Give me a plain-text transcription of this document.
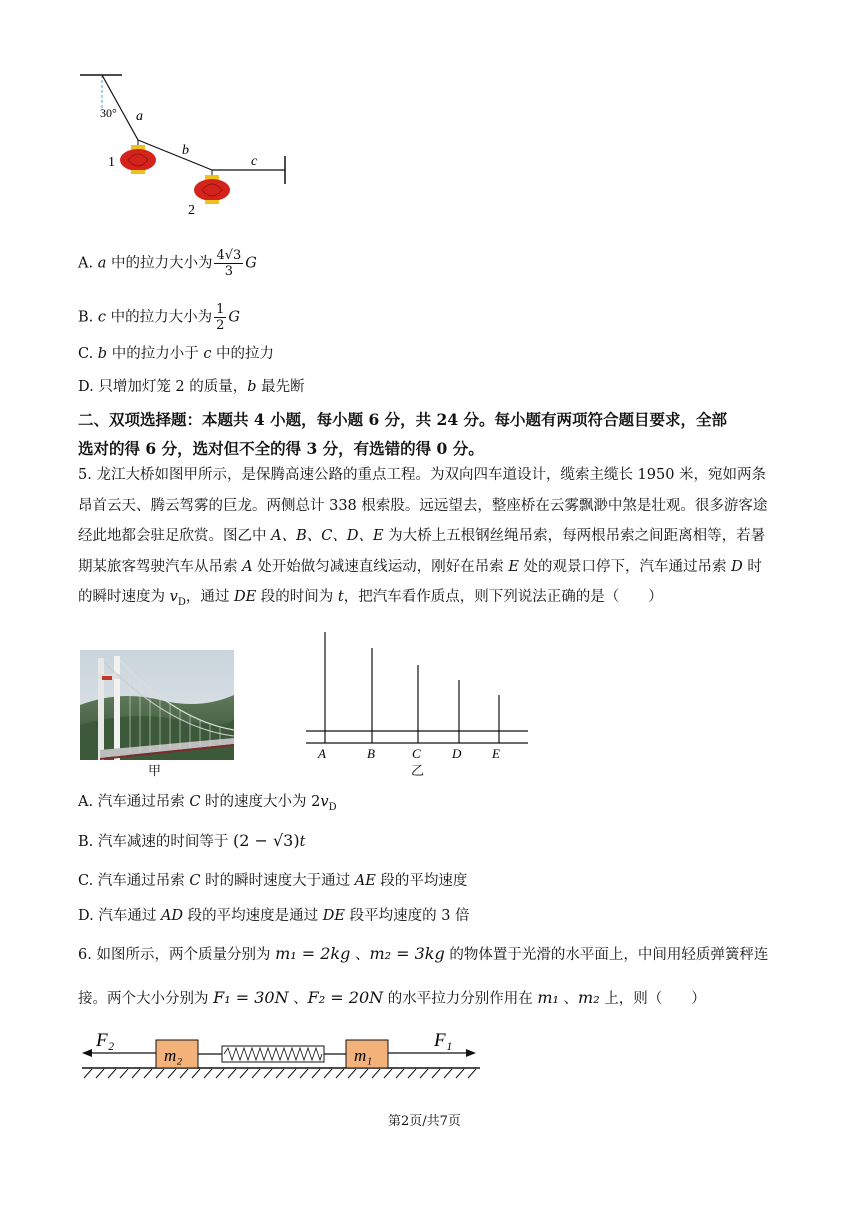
30° a
b
c
1
2
A. a 中的拉力大小为 $\frac{4√3}{3}$ G
B. c 中的拉力大小为 $\frac{1}{2}$ G
C. b 中的拉力小于 c 中的拉力
D. 只增加灯笼 2 的质量，b 最先断
二、双项选择题：本题共 4 小题，每小题 6 分，共 24 分。每小题有两项符合题目要求，全部
选对的得 6 分，选对但不全的得 3 分，有选错的得 0 分。
5. 龙江大桥如图甲所示，是保腾高速公路的重点工程。为双向四车道设计，缆索主缆长 1950 米，宛如两条
昂首云天、腾云驾雾的巨龙。两侧总计 338 根索股。远远望去，整座桥在云雾飘渺中煞是壮观。很多游客途
经此地都会驻足欣赏。图乙中 A、B、C、D、E 为大桥上五根钢丝绳吊索，每两根吊索之间距离相等，若暑
期某旅客驾驶汽车从吊索 A 处开始做匀减速直线运动，刚好在吊索 E 处的观景口停下，汽车通过吊索 D 时
的瞬时速度为 $v_D$，通过 DE 段的时间为 t，把汽车看作质点，则下列说法正确的是（　　）
甲
A	B	C D E
乙
A. 汽车通过吊索 C 时的速度大小为 $2v_D$
B. 汽车减速的时间等于 (2 − √3)t
C. 汽车通过吊索 C 时的瞬时速度大于通过 AE 段的平均速度
D. 汽车通过 AD 段的平均速度是通过 DE 段平均速度的 3 倍
6. 如图所示，两个质量分别为 m₁ = 2kg 、m₂ = 3kg 的物体置于光滑的水平面上，中间用轻质弹簧秤连
接。两个大小分别为 F₁ = 30N 、F₂ = 20N 的水平拉力分别作用在 m₁ 、m₂ 上，则（　　）
F₂
m₂	m₁
F₁
第2页/共7页
